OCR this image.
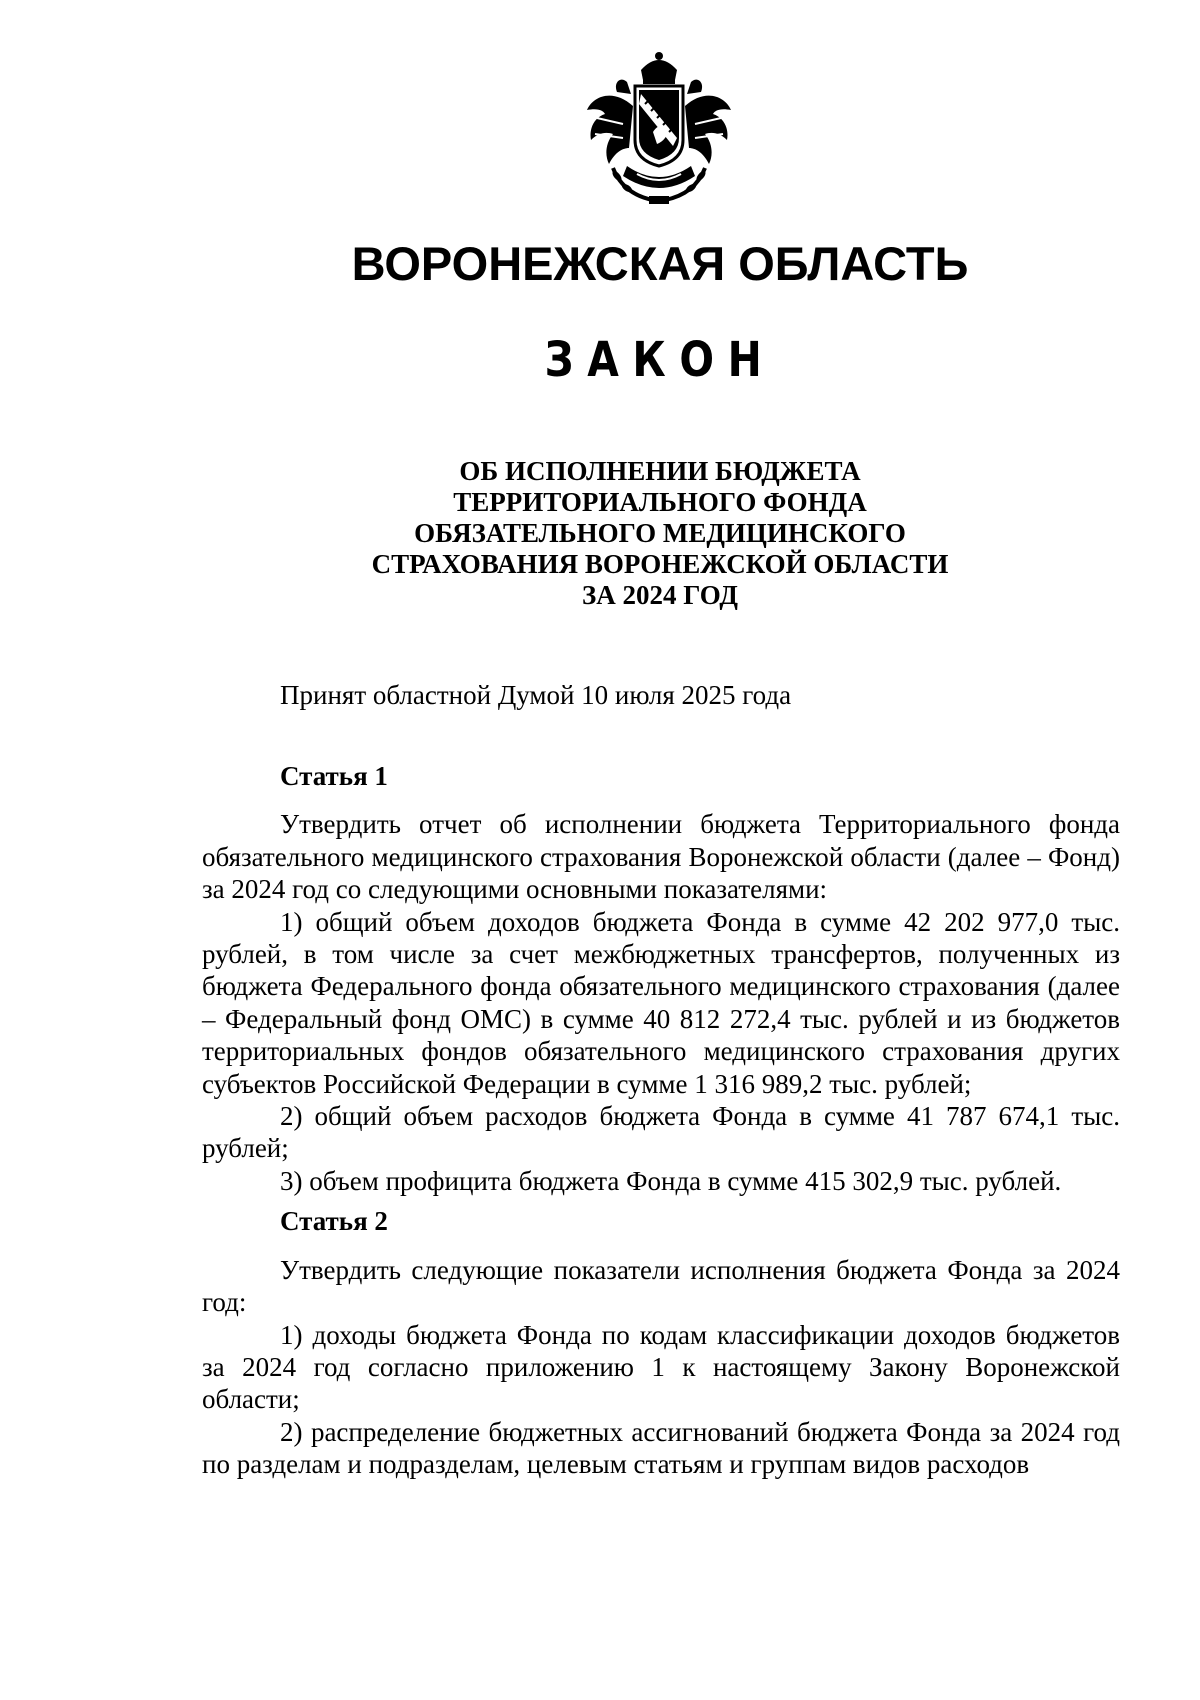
ВОРОНЕЖСКАЯ ОБЛАСТЬ
ЗАКОН
ОБ ИСПОЛНЕНИИ БЮДЖЕТА
ТЕРРИТОРИАЛЬНОГО ФОНДА
ОБЯЗАТЕЛЬНОГО МЕДИЦИНСКОГО
СТРАХОВАНИЯ ВОРОНЕЖСКОЙ ОБЛАСТИ
ЗА 2024 ГОД
Принят областной Думой 10 июля 2025 года
Статья 1

Утвердить отчет об исполнении бюджета Территориального фонда обязательного медицинского страхования Воронежской области (далее – Фонд) за 2024 год со следующими основными показателями:

1) общий объем доходов бюджета Фонда в сумме 42 202 977,0 тыс. рублей, в том числе за счет межбюджетных трансфертов, полученных из бюджета Федерального фонда обязательного медицинского страхования (далее – Федеральный фонд ОМС) в сумме 40 812 272,4 тыс. рублей и из бюджетов территориальных фондов обязательного медицинского страхования других субъектов Российской Федерации в сумме 1 316 989,2 тыс. рублей;

2) общий объем расходов бюджета Фонда в сумме 41 787 674,1 тыс. рублей;

3) объем профицита бюджета Фонда в сумме 415 302,9 тыс. рублей.

Статья 2

Утвердить следующие показатели исполнения бюджета Фонда за 2024 год:

1) доходы бюджета Фонда по кодам классификации доходов бюджетов за 2024 год согласно приложению 1 к настоящему Закону Воронежской области;

2) распределение бюджетных ассигнований бюджета Фонда за 2024 год по разделам и подразделам, целевым статьям и группам видов расходов
